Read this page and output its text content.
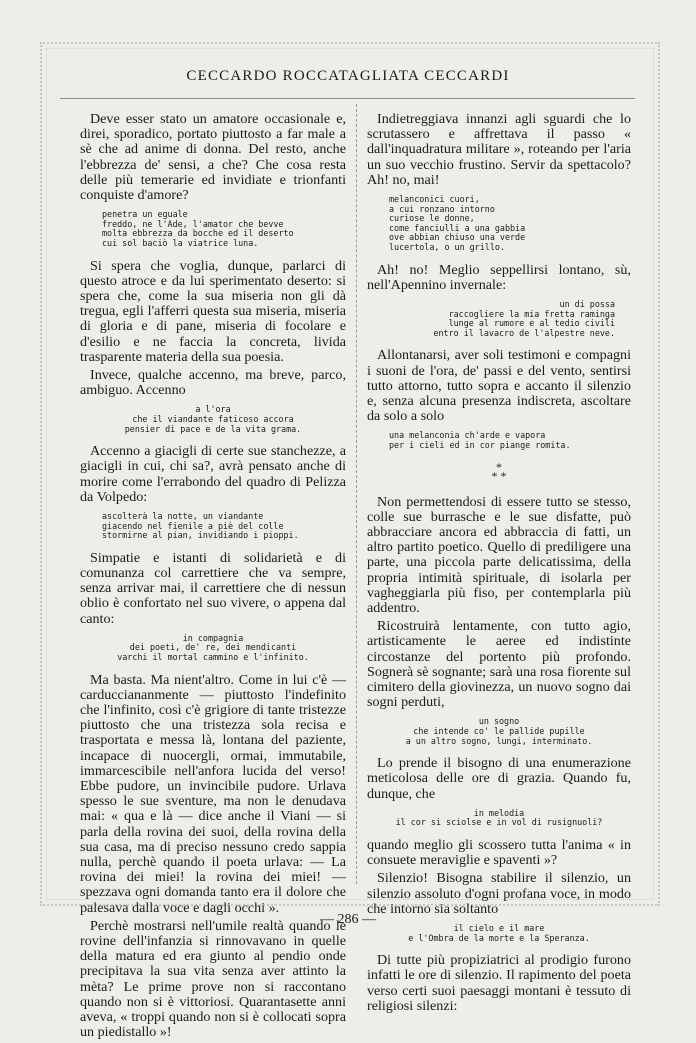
CECCARDO ROCCATAGLIATA CECCARDI

Deve esser stato un amatore occasionale e, direi, sporadico, portato piuttosto a far male a sè che ad anime di donna. Del resto, anche l'ebbrezza de' sensi, a che? Che cosa resta delle più temerarie ed invidiate e trionfanti conquiste d'amore?

penetra un eguale
freddo, ne l'Ade, l'amator che bevve
molta ebbrezza da bocche ed il deserto
cui sol baciò la viatrice luna.

Si spera che voglia, dunque, parlarci di questo atroce e da lui sperimentato deserto: si spera che, come la sua miseria non gli dà tregua, egli l'afferri questa sua miseria, miseria di gloria e di pane, miseria di focolare e d'esilio e ne faccia la concreta, livida trasparente materia della sua poesia.

Invece, qualche accenno, ma breve, parco, ambiguo. Accenno

a l'ora
che il viandante faticoso accora
pensier di pace e de la vita grama.

Accenno a giacigli di certe sue stanchezze, a giacigli in cui, chi sa?, avrà pensato anche di morire come l'errabondo del quadro di Pelizza da Volpedo:

ascolterà la notte, un viandante
giacendo nel fienile a piè del colle
stormirne al pian, invidiando i pioppi.

Simpatie e istanti di solidarietà e di comunanza col carrettiere che va sempre, senza arrivar mai, il carrettiere che di nessun oblio è confortato nel suo vivere, o appena dal canto:

in compagnia
dei poeti, de' re, dei mendicanti
varchi il mortal cammino e l'infinito.

Ma basta. Ma nient'altro. Come in lui c'è — carducciananmente — piuttosto l'indefinito che l'infinito, così c'è grigiore di tante tristezze piuttosto che una tristezza sola recisa e trasportata e messa là, lontana del paziente, incapace di nuocergli, ormai, immutabile, immarcescibile nell'anfora lucida del verso! Ebbe pudore, un invincibile pudore. Urlava spesso le sue sventure, ma non le denudava mai: « qua e là — dice anche il Viani — si parla della rovina dei suoi, della rovina della sua casa, ma di preciso nessuno credo sappia nulla, perchè quando il poeta urlava: — La rovina dei miei! la rovina dei miei! — spezzava ogni domanda tanto era il dolore che palesava dalla voce e dagli occhi ».

Perchè mostrarsi nell'umile realtà quando le rovine dell'infanzia si rinnovavano in quelle della matura ed era giunto al pendio onde precipitava la sua vita senza aver attinto la mèta? Le prime prove non si raccontano quando non si è vittoriosi. Quarantasette anni aveva, « troppi quando non si è collocati sopra un piedistallo »!

Indietreggiava innanzi agli sguardi che lo scrutassero e affrettava il passo « dall'inquadratura militare », roteando per l'aria un suo vecchio frustino. Servir da spettacolo? Ah! no, mai!

melanconici cuori,
a cui ronzano intorno
curiose le donne,
come fanciulli a una gabbia
ove abbian chiuso una verde
lucertola, o un grillo.

Ah! no! Meglio seppellirsi lontano, sù, nell'Apennino invernale:

un di possa
raccogliere la mia fretta raminga
lunge al rumore e al tedio civili
entro il lavacro de l'alpestre neve.

Allontanarsi, aver soli testimoni e compagni i suoni de l'ora, de' passi e del vento, sentirsi tutto attorno, tutto sopra e accanto il silenzio e, senza alcuna presenza indiscreta, ascoltare da solo a solo

una melanconia ch'arde e vapora
per i cieli ed in cor piange romita.
*
* *

Non permettendosi di essere tutto se stesso, colle sue burrasche e le sue disfatte, può abbracciare ancora ed abbraccia di fatti, un altro partito poetico. Quello di prediligere una parte, una piccola parte delicatissima, della propria intimità spirituale, di isolarla per vagheggiarla più fiso, per contemplarla più addentro.

Ricostruirà lentamente, con tutto agio, artisticamente le aeree ed indistinte circostanze del portento più profondo. Sognerà sè sognante; sarà una rosa fiorente sul cimitero della giovinezza, un nuovo sogno dai sogni perduti,

un sogno
che intende co' le pallide pupille
a un altro sogno, lungi, interminato.

Lo prende il bisogno di una enumerazione meticolosa delle ore di grazia. Quando fu, dunque, che

in melodia
il cor si sciolse e in vol di rusignuoli?

quando meglio gli scossero tutta l'anima « in consuete meraviglie e spaventi »?

Silenzio! Bisogna stabilire il silenzio, un silenzio assoluto d'ogni profana voce, in modo che intorno sia soltanto

il cielo e il mare
e l'Ombra de la morte e la Speranza.

Di tutte più propiziatrici al prodigio furono infatti le ore di silenzio. Il rapimento del poeta verso certi suoi paesaggi montani è tessuto di religiosi silenzi:

— 286 —
